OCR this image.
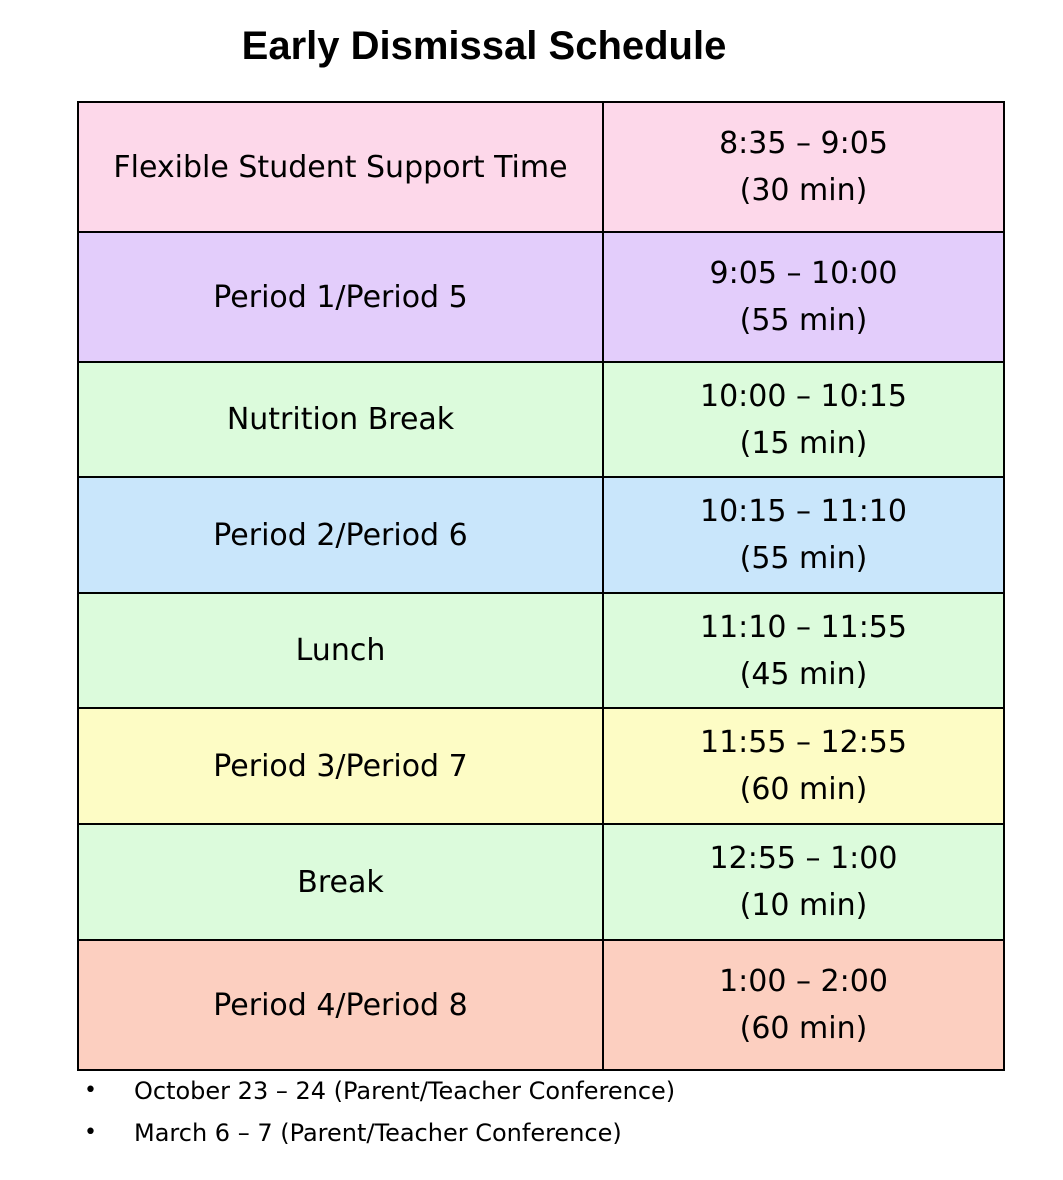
Early Dismissal Schedule
Flexible Student Support Time	8:35 – 9:05
(30 min)

Period 1/Period 5	9:05 – 10:00
(55 min)

Nutrition Break	10:00 – 10:15
(15 min)

Period 2/Period 6	10:15 – 11:10
(55 min)

Lunch	11:10 – 11:55
(45 min)

Period 3/Period 7	11:55 – 12:55
(60 min)

Break	12:55 – 1:00
(10 min)

Period 4/Period 8	1:00 – 2:00
(60 min)
• October 23 – 24 (Parent/Teacher Conference)
• March 6 – 7 (Parent/Teacher Conference)
